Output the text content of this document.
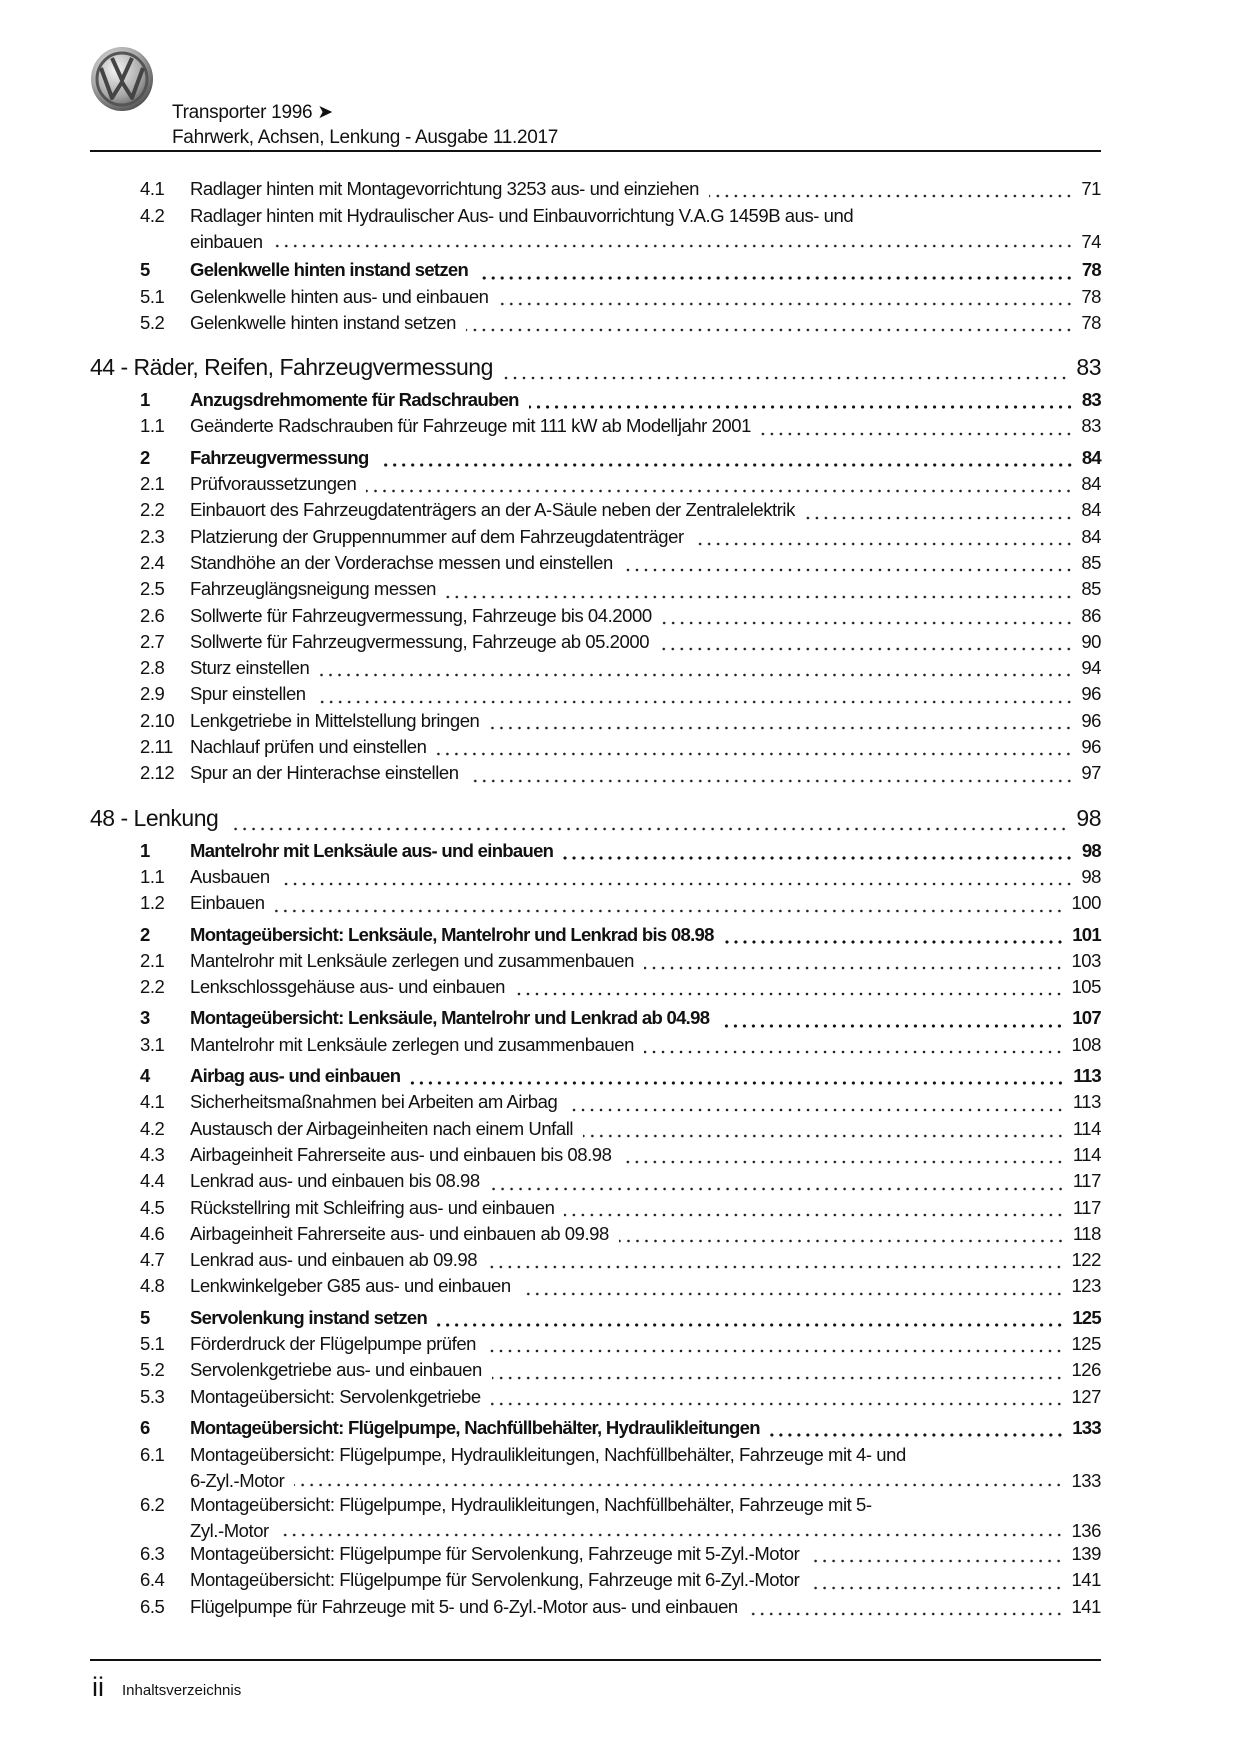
Transporter 1996 ➤
Fahrwerk, Achsen, Lenkung - Ausgabe 11.2017
4.1	Radlager hinten mit Montagevorrichtung 3253 aus- und einziehen	71
4.2	Radlager hinten mit Hydraulischer Aus- und Einbauvorrichtung V.A.G 1459B aus- und
einbauen	74
5	Gelenkwelle hinten instand setzen	78
5.1	Gelenkwelle hinten aus- und einbauen	78
5.2	Gelenkwelle hinten instand setzen	78
44 - Räder, Reifen, Fahrzeugvermessung	83
1	Anzugsdrehmomente für Radschrauben	83
1.1	Geänderte Radschrauben für Fahrzeuge mit 111 kW ab Modelljahr 2001	83
2	Fahrzeugvermessung	84
2.1	Prüfvoraussetzungen	84
2.2	Einbauort des Fahrzeugdatenträgers an der A-Säule neben der Zentralelektrik	84
2.3	Platzierung der Gruppennummer auf dem Fahrzeugdatenträger	84
2.4	Standhöhe an der Vorderachse messen und einstellen	85
2.5	Fahrzeuglängsneigung messen	85
2.6	Sollwerte für Fahrzeugvermessung, Fahrzeuge bis 04.2000	86
2.7	Sollwerte für Fahrzeugvermessung, Fahrzeuge ab 05.2000	90
2.8	Sturz einstellen	94
2.9	Spur einstellen	96
2.10 Lenkgetriebe in Mittelstellung bringen	96
2.11 Nachlauf prüfen und einstellen	96
2.12 Spur an der Hinterachse einstellen	97
48 - Lenkung	98
1	Mantelrohr mit Lenksäule aus- und einbauen	98
1.1	Ausbauen	98
1.2	Einbauen	100
2	Montageübersicht: Lenksäule, Mantelrohr und Lenkrad bis 08.98	101
2.1	Mantelrohr mit Lenksäule zerlegen und zusammenbauen	103
2.2	Lenkschlossgehäuse aus- und einbauen	105
3	Montageübersicht: Lenksäule, Mantelrohr und Lenkrad ab 04.98	107
3.1	Mantelrohr mit Lenksäule zerlegen und zusammenbauen	108
4	Airbag aus- und einbauen	113
4.1	Sicherheitsmaßnahmen bei Arbeiten am Airbag	113
4.2	Austausch der Airbageinheiten nach einem Unfall	114
4.3	Airbageinheit Fahrerseite aus- und einbauen bis 08.98	114
4.4	Lenkrad aus- und einbauen bis 08.98	117
4.5	Rückstellring mit Schleifring aus- und einbauen	117
4.6	Airbageinheit Fahrerseite aus- und einbauen ab 09.98	118
4.7	Lenkrad aus- und einbauen ab 09.98	122
4.8	Lenkwinkelgeber G85 aus- und einbauen	123
5	Servolenkung instand setzen	125
5.1	Förderdruck der Flügelpumpe prüfen	125
5.2	Servolenkgetriebe aus- und einbauen	126
5.3	Montageübersicht: Servolenkgetriebe	127
6	Montageübersicht: Flügelpumpe, Nachfüllbehälter, Hydraulikleitungen	133
6.1	Montageübersicht: Flügelpumpe, Hydraulikleitungen, Nachfüllbehälter, Fahrzeuge mit 4- und
6-Zyl.-Motor	133
6.2	Montageübersicht: Flügelpumpe, Hydraulikleitungen, Nachfüllbehälter, Fahrzeuge mit 5-
Zyl.-Motor	136
6.3	Montageübersicht: Flügelpumpe für Servolenkung, Fahrzeuge mit 5-Zyl.-Motor	139
6.4	Montageübersicht: Flügelpumpe für Servolenkung, Fahrzeuge mit 6-Zyl.-Motor	141
6.5	Flügelpumpe für Fahrzeuge mit 5- und 6-Zyl.-Motor aus- und einbauen	141
ii Inhaltsverzeichnis
